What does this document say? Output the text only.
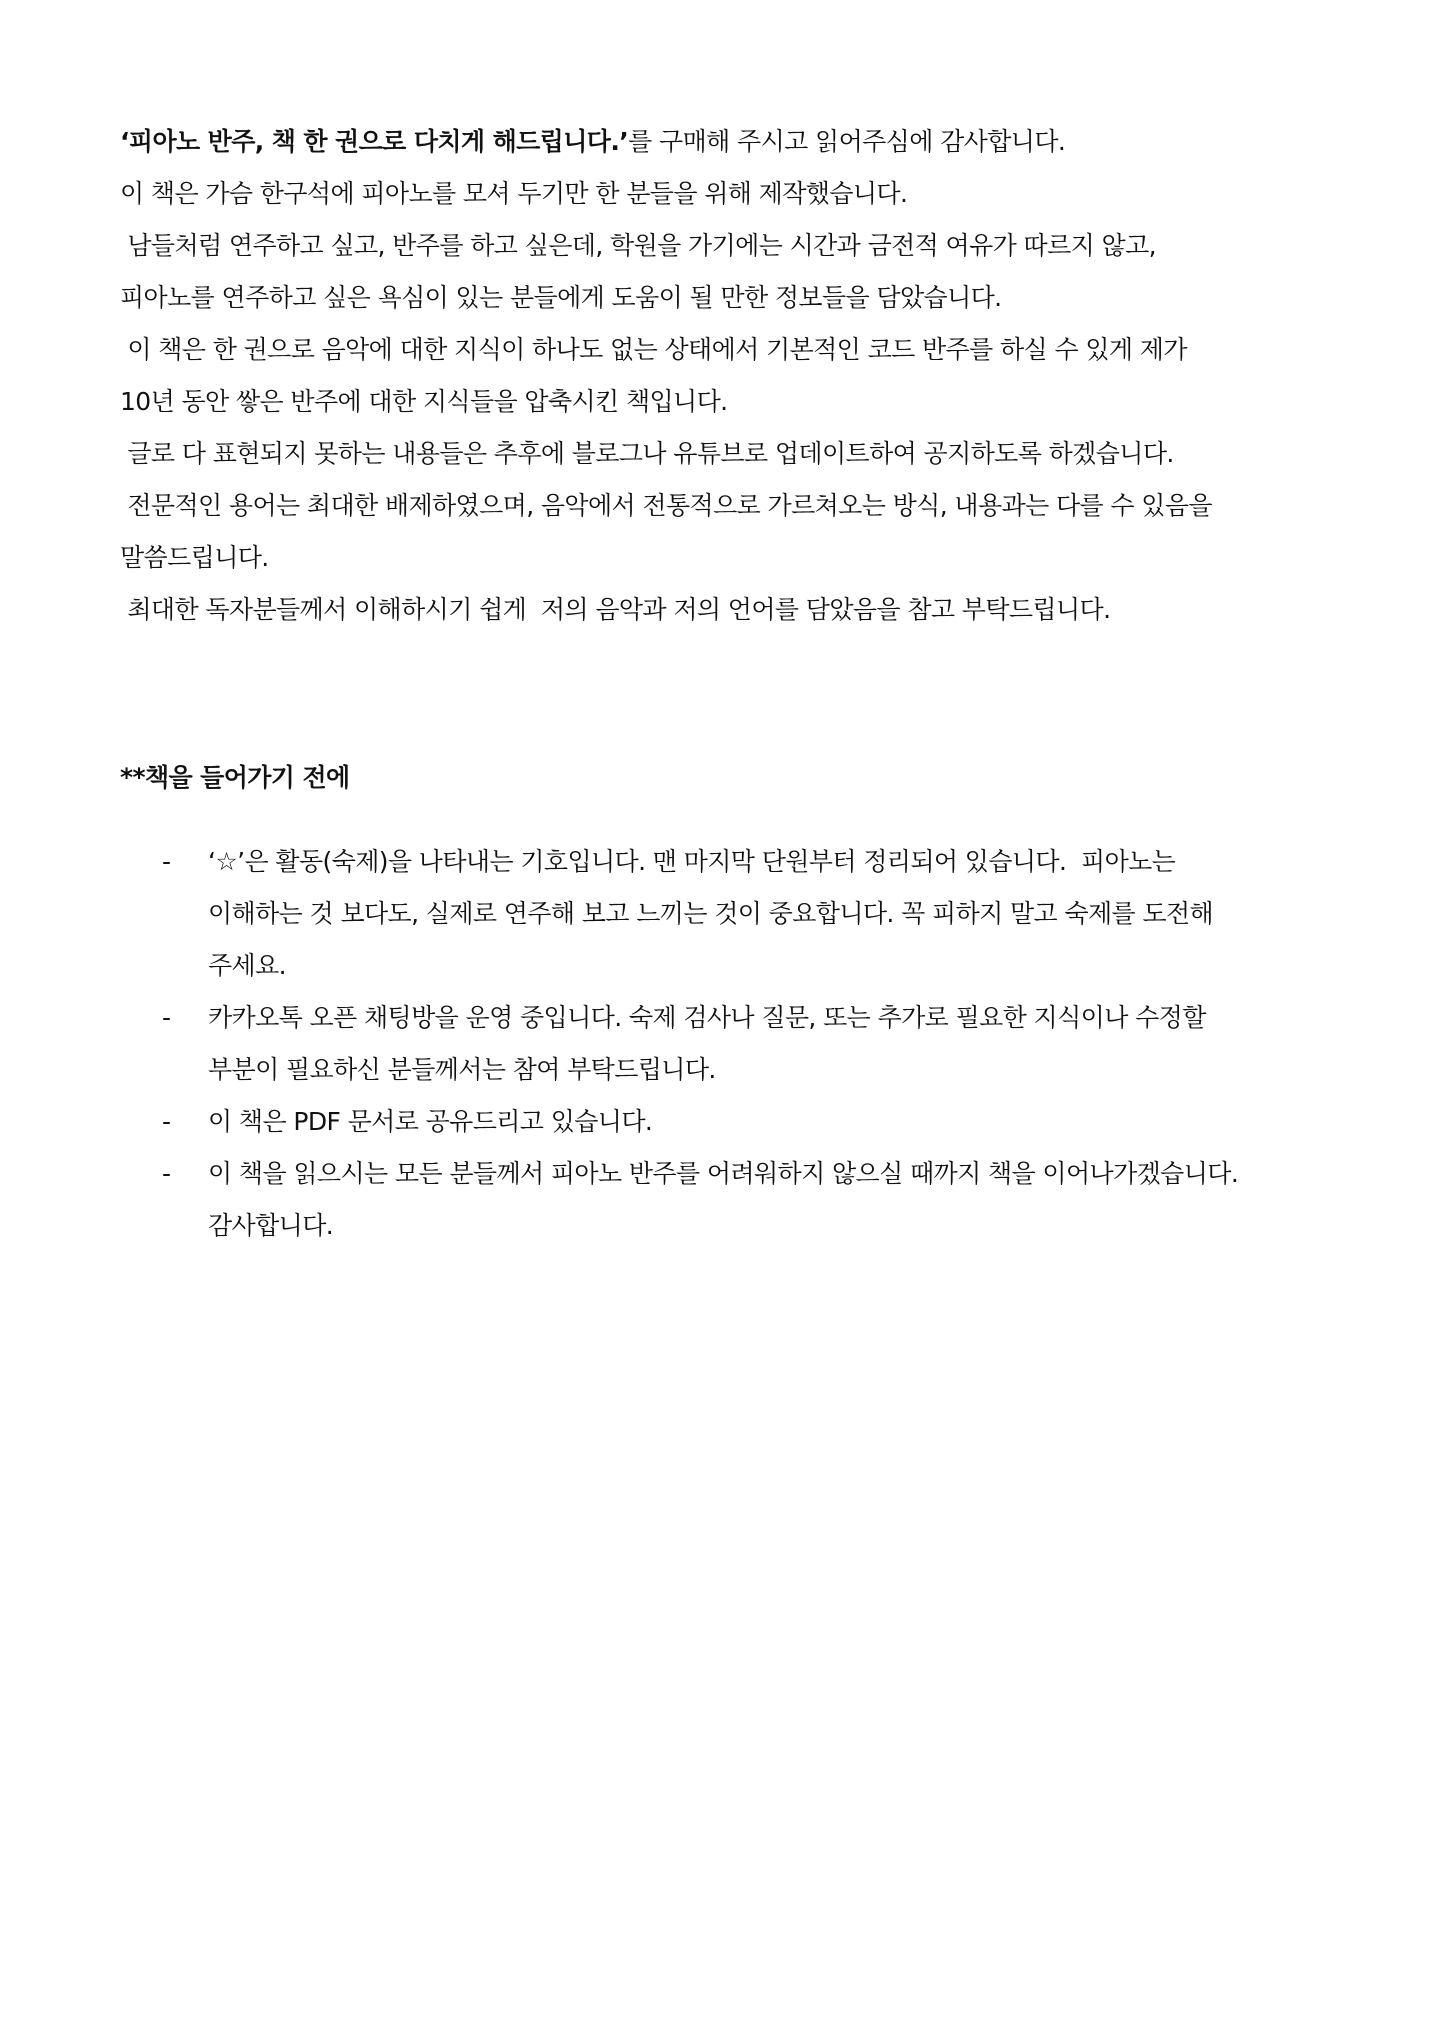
‘피아노 반주, 책 한 권으로 다치게 해드립니다.’를 구매해 주시고 읽어주심에 감사합니다.
이 책은 가슴 한구석에 피아노를 모셔 두기만 한 분들을 위해 제작했습니다.
남들처럼 연주하고 싶고, 반주를 하고 싶은데, 학원을 가기에는 시간과 금전적 여유가 따르지 않고,
피아노를 연주하고 싶은 욕심이 있는 분들에게 도움이 될 만한 정보들을 담았습니다.
이 책은 한 권으로 음악에 대한 지식이 하나도 없는 상태에서 기본적인 코드 반주를 하실 수 있게 제가
10년 동안 쌓은 반주에 대한 지식들을 압축시킨 책입니다.
글로 다 표현되지 못하는 내용들은 추후에 블로그나 유튜브로 업데이트하여 공지하도록 하겠습니다.
전문적인 용어는 최대한 배제하였으며, 음악에서 전통적으로 가르쳐오는 방식, 내용과는 다를 수 있음을
말씀드립니다.
최대한 독자분들께서 이해하시기 쉽게  저의 음악과 저의 언어를 담았음을 참고 부탁드립니다.
**책을 들어가기 전에
- ‘☆’은 활동(숙제)을 나타내는 기호입니다. 맨 마지막 단원부터 정리되어 있습니다.  피아노는
이해하는 것 보다도, 실제로 연주해 보고 느끼는 것이 중요합니다. 꼭 피하지 말고 숙제를 도전해
주세요.
- 카카오톡 오픈 채팅방을 운영 중입니다. 숙제 검사나 질문, 또는 추가로 필요한 지식이나 수정할
부분이 필요하신 분들께서는 참여 부탁드립니다.
- 이 책은 PDF 문서로 공유드리고 있습니다.
- 이 책을 읽으시는 모든 분들께서 피아노 반주를 어려워하지 않으실 때까지 책을 이어나가겠습니다.
감사합니다.
